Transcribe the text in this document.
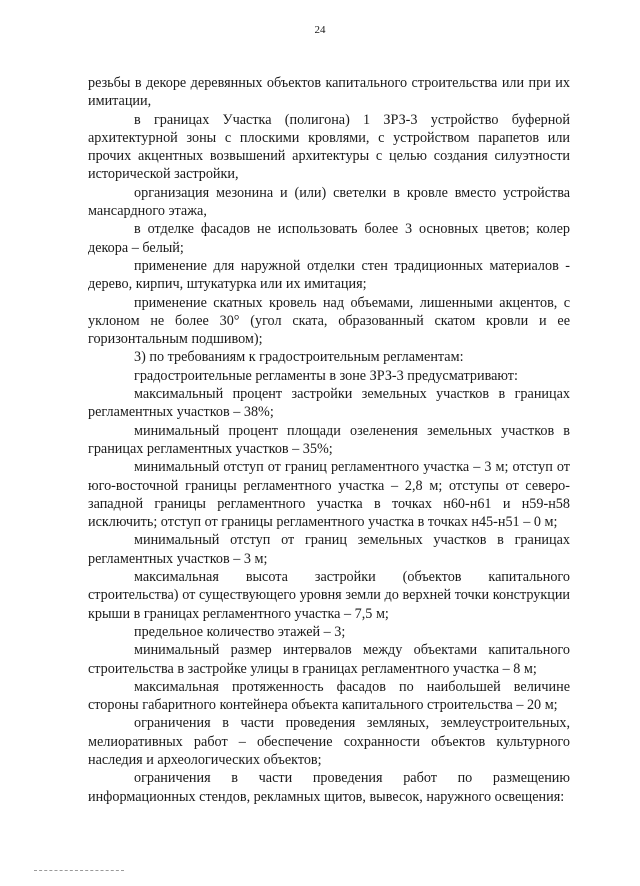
24

резьбы в декоре деревянных объектов капитального строительства или при их имитации,

в границах Участка (полигона) 1 ЗРЗ-3 устройство буферной архитектурной зоны с плоскими кровлями, с устройством парапетов или прочих акцентных возвышений архитектуры с целью создания силуэтности исторической застройки,

организация мезонина и (или) светелки в кровле вместо устройства мансардного этажа,

в отделке фасадов не использовать более 3 основных цветов; колер декора – белый;

применение для наружной отделки стен традиционных материалов - дерево, кирпич, штукатурка или их имитация;

применение скатных кровель над объемами, лишенными акцентов, с уклоном не более 30° (угол ската, образованный скатом кровли и ее горизонтальным подшивом);

3) по требованиям к градостроительным регламентам:

градостроительные регламенты в зоне ЗРЗ-3 предусматривают:

максимальный процент застройки земельных участков в границах регламентных участков – 38%;

минимальный процент площади озеленения земельных участков в границах регламентных участков – 35%;

минимальный отступ от границ регламентного участка – 3 м; отступ от юго-восточной границы регламентного участка – 2,8 м; отступы от северо-западной границы регламентного участка в точках н60-н61 и н59-н58 исключить; отступ от границы регламентного участка в точках н45-н51 – 0 м;

минимальный отступ от границ земельных участков в границах регламентных участков – 3 м;

максимальная высота застройки (объектов капитального строительства) от существующего уровня земли до верхней точки конструкции крыши в границах регламентного участка – 7,5 м;

предельное количество этажей – 3;

минимальный размер интервалов между объектами капитального строительства в застройке улицы в границах регламентного участка – 8 м;

максимальная протяженность фасадов по наибольшей величине стороны габаритного контейнера объекта капитального строительства – 20 м;

ограничения в части проведения земляных, землеустроительных, мелиоративных работ – обеспечение сохранности объектов культурного наследия и археологических объектов;

ограничения в части проведения работ по размещению информационных стендов, рекламных щитов, вывесок, наружного освещения:
